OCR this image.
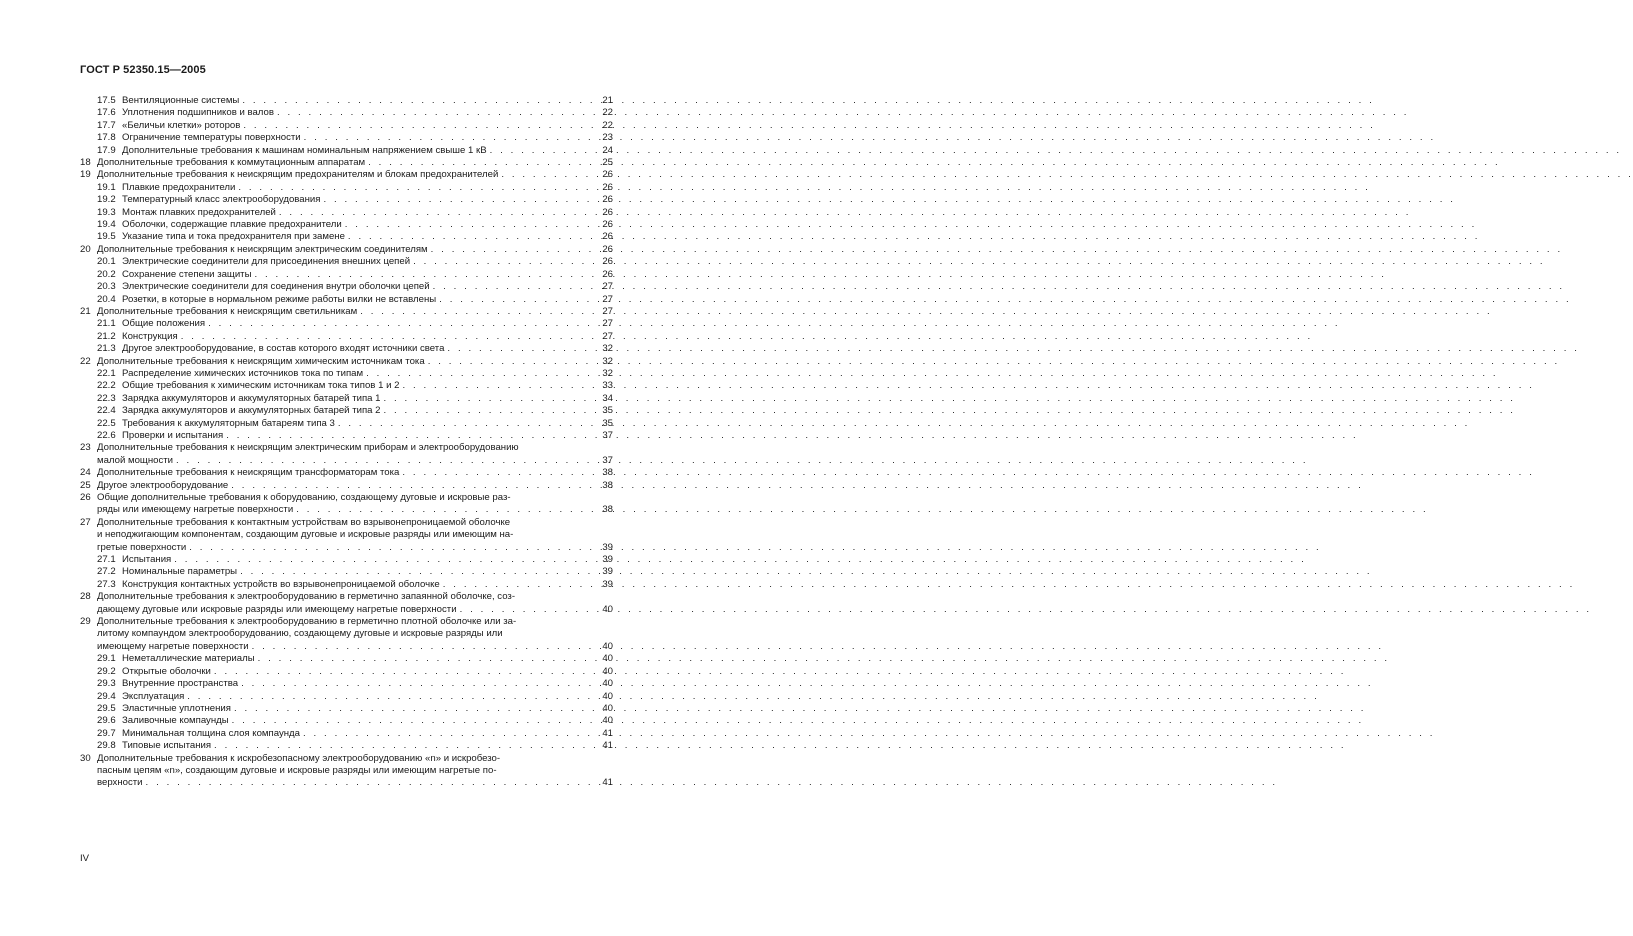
ГОСТ Р 52350.15—2005
17.5 Вентиляционные системы . . .	21
17.6 Уплотнения подшипников и валов . . .	22
17.7 «Беличьи клетки» роторов . . .	22
17.8 Ограничение температуры поверхности . . .	23
17.9 Дополнительные требования к машинам номинальным напряжением свыше 1 кВ . . .	24
18 Дополнительные требования к коммутационным аппаратам . . .	25
19 Дополнительные требования к неискрящим предохранителям и блокам предохранителей . . .	26
19.1 Плавкие предохранители . . .	26
19.2 Температурный класс электрооборудования . . .	26
19.3 Монтаж плавких предохранителей . . .	26
19.4 Оболочки, содержащие плавкие предохранители . . .	26
19.5 Указание типа и тока предохранителя при замене . . .	26
20 Дополнительные требования к неискрящим электрическим соединителям . . .	26
20.1 Электрические соединители для присоединения внешних цепей . . .	26
20.2 Сохранение степени защиты . . .	26
20.3 Электрические соединители для соединения внутри оболочки цепей . . .	27
20.4 Розетки, в которые в нормальном режиме работы вилки не вставлены . . .	27
21 Дополнительные требования к неискрящим светильникам . . .	27
21.1 Общие положения . . .	27
21.2 Конструкция . . .	27
21.3 Другое электрооборудование, в состав которого входят источники света . . .	32
22 Дополнительные требования к неискрящим химическим источникам тока . . .	32
22.1 Распределение химических источников тока по типам . . .	32
22.2 Общие требования к химическим источникам тока типов 1 и 2 . . .	33
22.3 Зарядка аккумуляторов и аккумуляторных батарей типа 1 . . .	34
22.4 Зарядка аккумуляторов и аккумуляторных батарей типа 2 . . .	35
22.5 Требования к аккумуляторным батареям типа 3 . . .	35
22.6 Проверки и испытания . . .	37
23 Дополнительные требования к неискрящим электрическим приборам и электрооборудованию
малой мощности . . .	37
24 Дополнительные требования к неискрящим трансформаторам тока . . .	38
25 Другое электрооборудование . . .	38
26 Общие дополнительные требования к оборудованию, создающему дуговые и искровые раз-
ряды или имеющему нагретые поверхности . . .	38
27 Дополнительные требования к контактным устройствам во взрывонепроницаемой оболочке
и неподжигающим компонентам, создающим дуговые и искровые разряды или имеющим на-
гретые поверхности . . .	39
27.1 Испытания . . .	39
27.2 Номинальные параметры . . .	39
27.3 Конструкция контактных устройств во взрывонепроницаемой оболочке . . .	39
28 Дополнительные требования к электрооборудованию в герметично запаянной оболочке, соз-
дающему дуговые или искровые разряды или имеющему нагретые поверхности . . .	40
29 Дополнительные требования к электрооборудованию в герметично плотной оболочке или за-
литому компаундом электрооборудованию, создающему дуговые и искровые разряды или
имеющему нагретые поверхности . . .	40
29.1 Неметаллические материалы . . .	40
29.2 Открытые оболочки . . .	40
29.3 Внутренние пространства . . .	40
29.4 Эксплуатация . . .	40
29.5 Эластичные уплотнения . . .	40
29.6 Заливочные компаунды . . .	40
29.7 Минимальная толщина слоя компаунда . . .	41
29.8 Типовые испытания . . .	41
30 Дополнительные требования к искробезопасному электрооборудованию «n» и искробезо-
пасным цепям «n», создающим дуговые и искровые разряды или имеющим нагретые по-
верхности . . .	41
IV
